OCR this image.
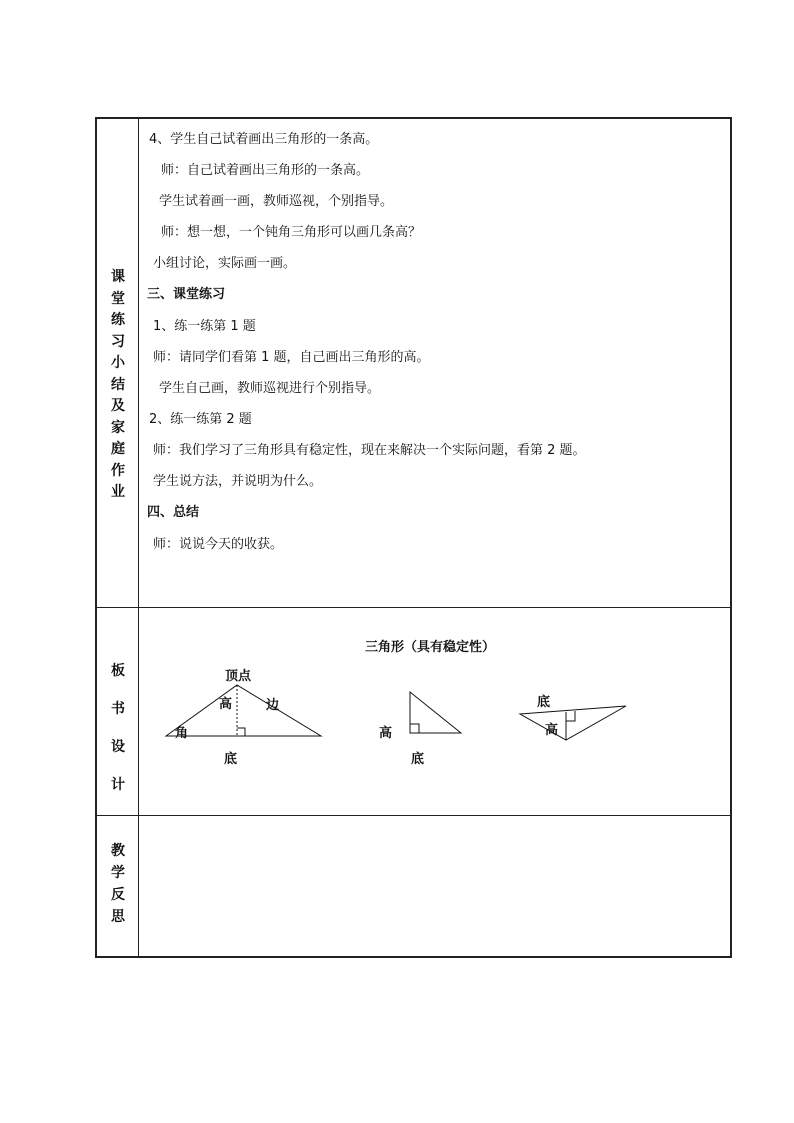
课
堂
练
习
小
结
及
家
庭
作
业
4、学生自己试着画出三角形的一条高。
师：自己试着画出三角形的一条高。
学生试着画一画，教师巡视，个别指导。
师：想一想，一个钝角三角形可以画几条高？
小组讨论，实际画一画。
三、课堂练习
1、练一练第 1 题
师：请同学们看第 1 题，自己画出三角形的高。
学生自己画，教师巡视进行个别指导。
2、练一练第 2 题
师：我们学习了三角形具有稳定性，现在来解决一个实际问题，看第 2 题。
学生说方法，并说明为什么。
四、总结
师：说说今天的收获。
板
书
设
计
三角形（具有稳定性）
顶点
高	边
角
底
高
底
底
高
教
学
反
思
